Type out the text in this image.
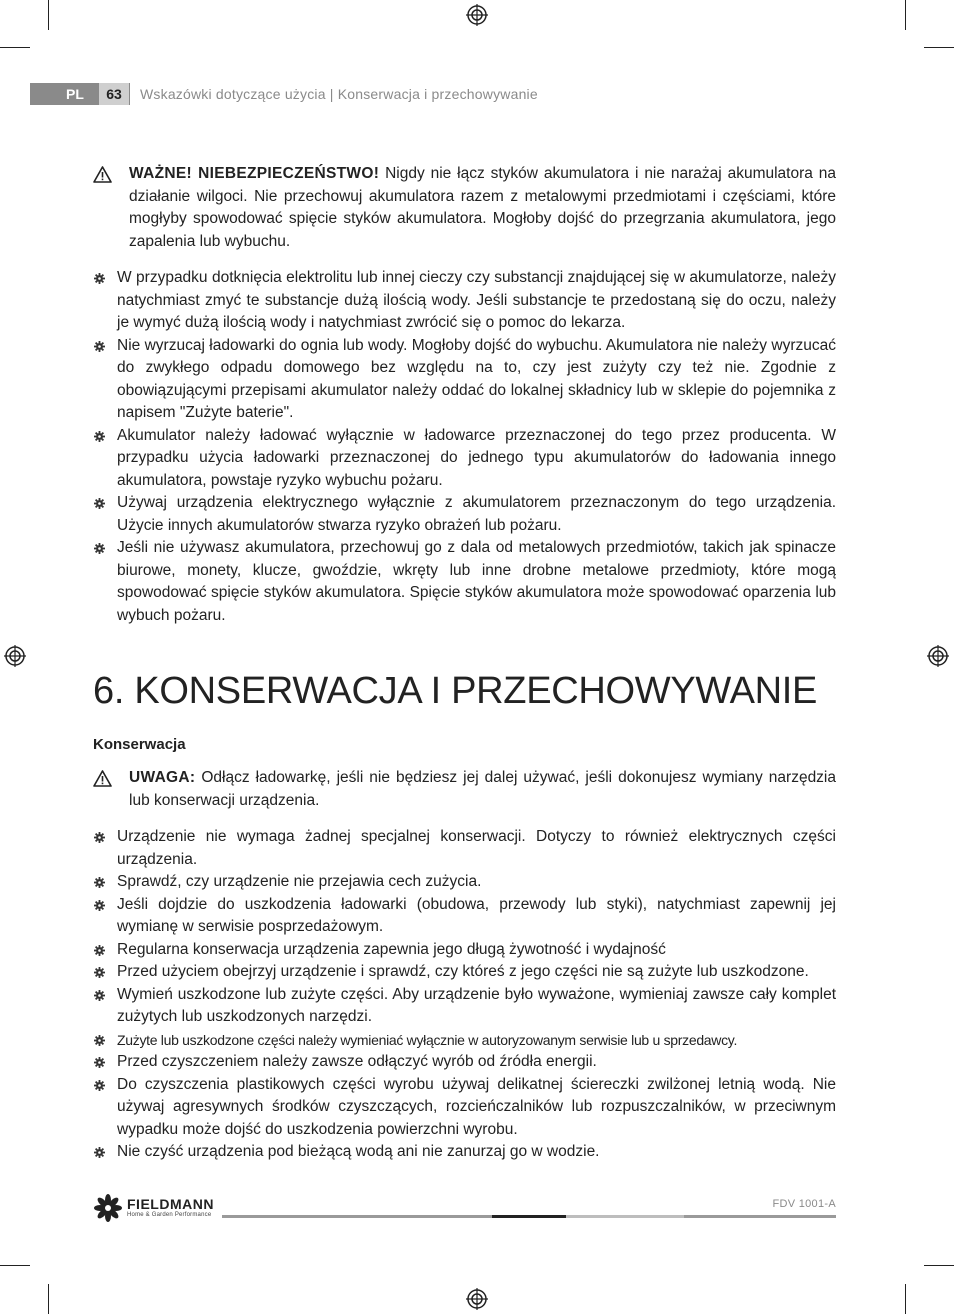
PL	63	Wskazówki dotyczące użycia | Konserwacja i przechowywanie
WAŻNE! NIEBEZPIECZEŃSTWO! Nigdy nie łącz styków akumulatora i nie narażaj akumulatora na działanie wilgoci. Nie przechowuj akumulatora razem z metalowymi przedmiotami i częściami, które mogłyby spowodować spięcie styków akumulatora. Mogłoby dojść do przegrzania akumulatora, jego zapalenia lub wybuchu.
W przypadku dotknięcia elektrolitu lub innej cieczy czy substancji znajdującej się w akumulatorze, należy natychmiast zmyć te substancje dużą ilością wody. Jeśli substancje te przedostaną się do oczu, należy je wymyć dużą ilością wody i natychmiast zwrócić się o pomoc do lekarza.
Nie wyrzucaj ładowarki do ognia lub wody. Mogłoby dojść do wybuchu. Akumulatora nie należy wyrzucać do zwykłego odpadu domowego bez względu na to, czy jest zużyty czy też nie. Zgodnie z obowiązującymi przepisami akumulator należy oddać do lokalnej składnicy lub w sklepie do pojemnika z napisem "Zużyte baterie".
Akumulator należy ładować wyłącznie w ładowarce przeznaczonej do tego przez producenta. W przypadku użycia ładowarki przeznaczonej do jednego typu akumulatorów do ładowania innego akumulatora, powstaje ryzyko wybuchu pożaru.
Używaj urządzenia elektrycznego wyłącznie z akumulatorem przeznaczonym do tego urządzenia. Użycie innych akumulatorów stwarza ryzyko obrażeń lub pożaru.
Jeśli nie używasz akumulatora, przechowuj go z dala od metalowych przedmiotów, takich jak spinacze biurowe, monety, klucze, gwoździe, wkręty lub inne drobne metalowe przedmioty, które mogą spowodować spięcie styków akumulatora. Spięcie styków akumulatora może spowodować oparzenia lub wybuch pożaru.
6. KONSERWACJA I PRZECHOWYWANIE
Konserwacja
UWAGA: Odłącz ładowarkę, jeśli nie będziesz jej dalej używać, jeśli dokonujesz wymiany narzędzia lub konserwacji urządzenia.
Urządzenie nie wymaga żadnej specjalnej konserwacji. Dotyczy to również elektrycznych części urządzenia.
Sprawdź, czy urządzenie nie przejawia cech zużycia.
Jeśli dojdzie do uszkodzenia ładowarki (obudowa, przewody lub styki), natychmiast zapewnij jej wymianę w serwisie posprzedażowym.
Regularna konserwacja urządzenia zapewnia jego długą żywotność i wydajność
Przed użyciem obejrzyj urządzenie i sprawdź, czy któreś z jego części nie są zużyte lub uszkodzone.
Wymień uszkodzone lub zużyte części. Aby urządzenie było wyważone, wymieniaj zawsze cały komplet zużytych lub uszkodzonych narzędzi.
Zużyte lub uszkodzone części należy wymieniać wyłącznie w autoryzowanym serwisie lub u sprzedawcy.
Przed czyszczeniem należy zawsze odłączyć wyrób od źródła energii.
Do czyszczenia plastikowych części wyrobu używaj delikatnej ściereczki zwilżonej letnią wodą. Nie używaj agresywnych środków czyszczących, rozcieńczalników lub rozpuszczalników, w przeciwnym wypadku może dojść do uszkodzenia powierzchni wyrobu.
Nie czyść urządzenia pod bieżącą wodą ani nie zanurzaj go w wodzie.
FIELDMANN
Home & Garden Performance
FDV 1001-A
